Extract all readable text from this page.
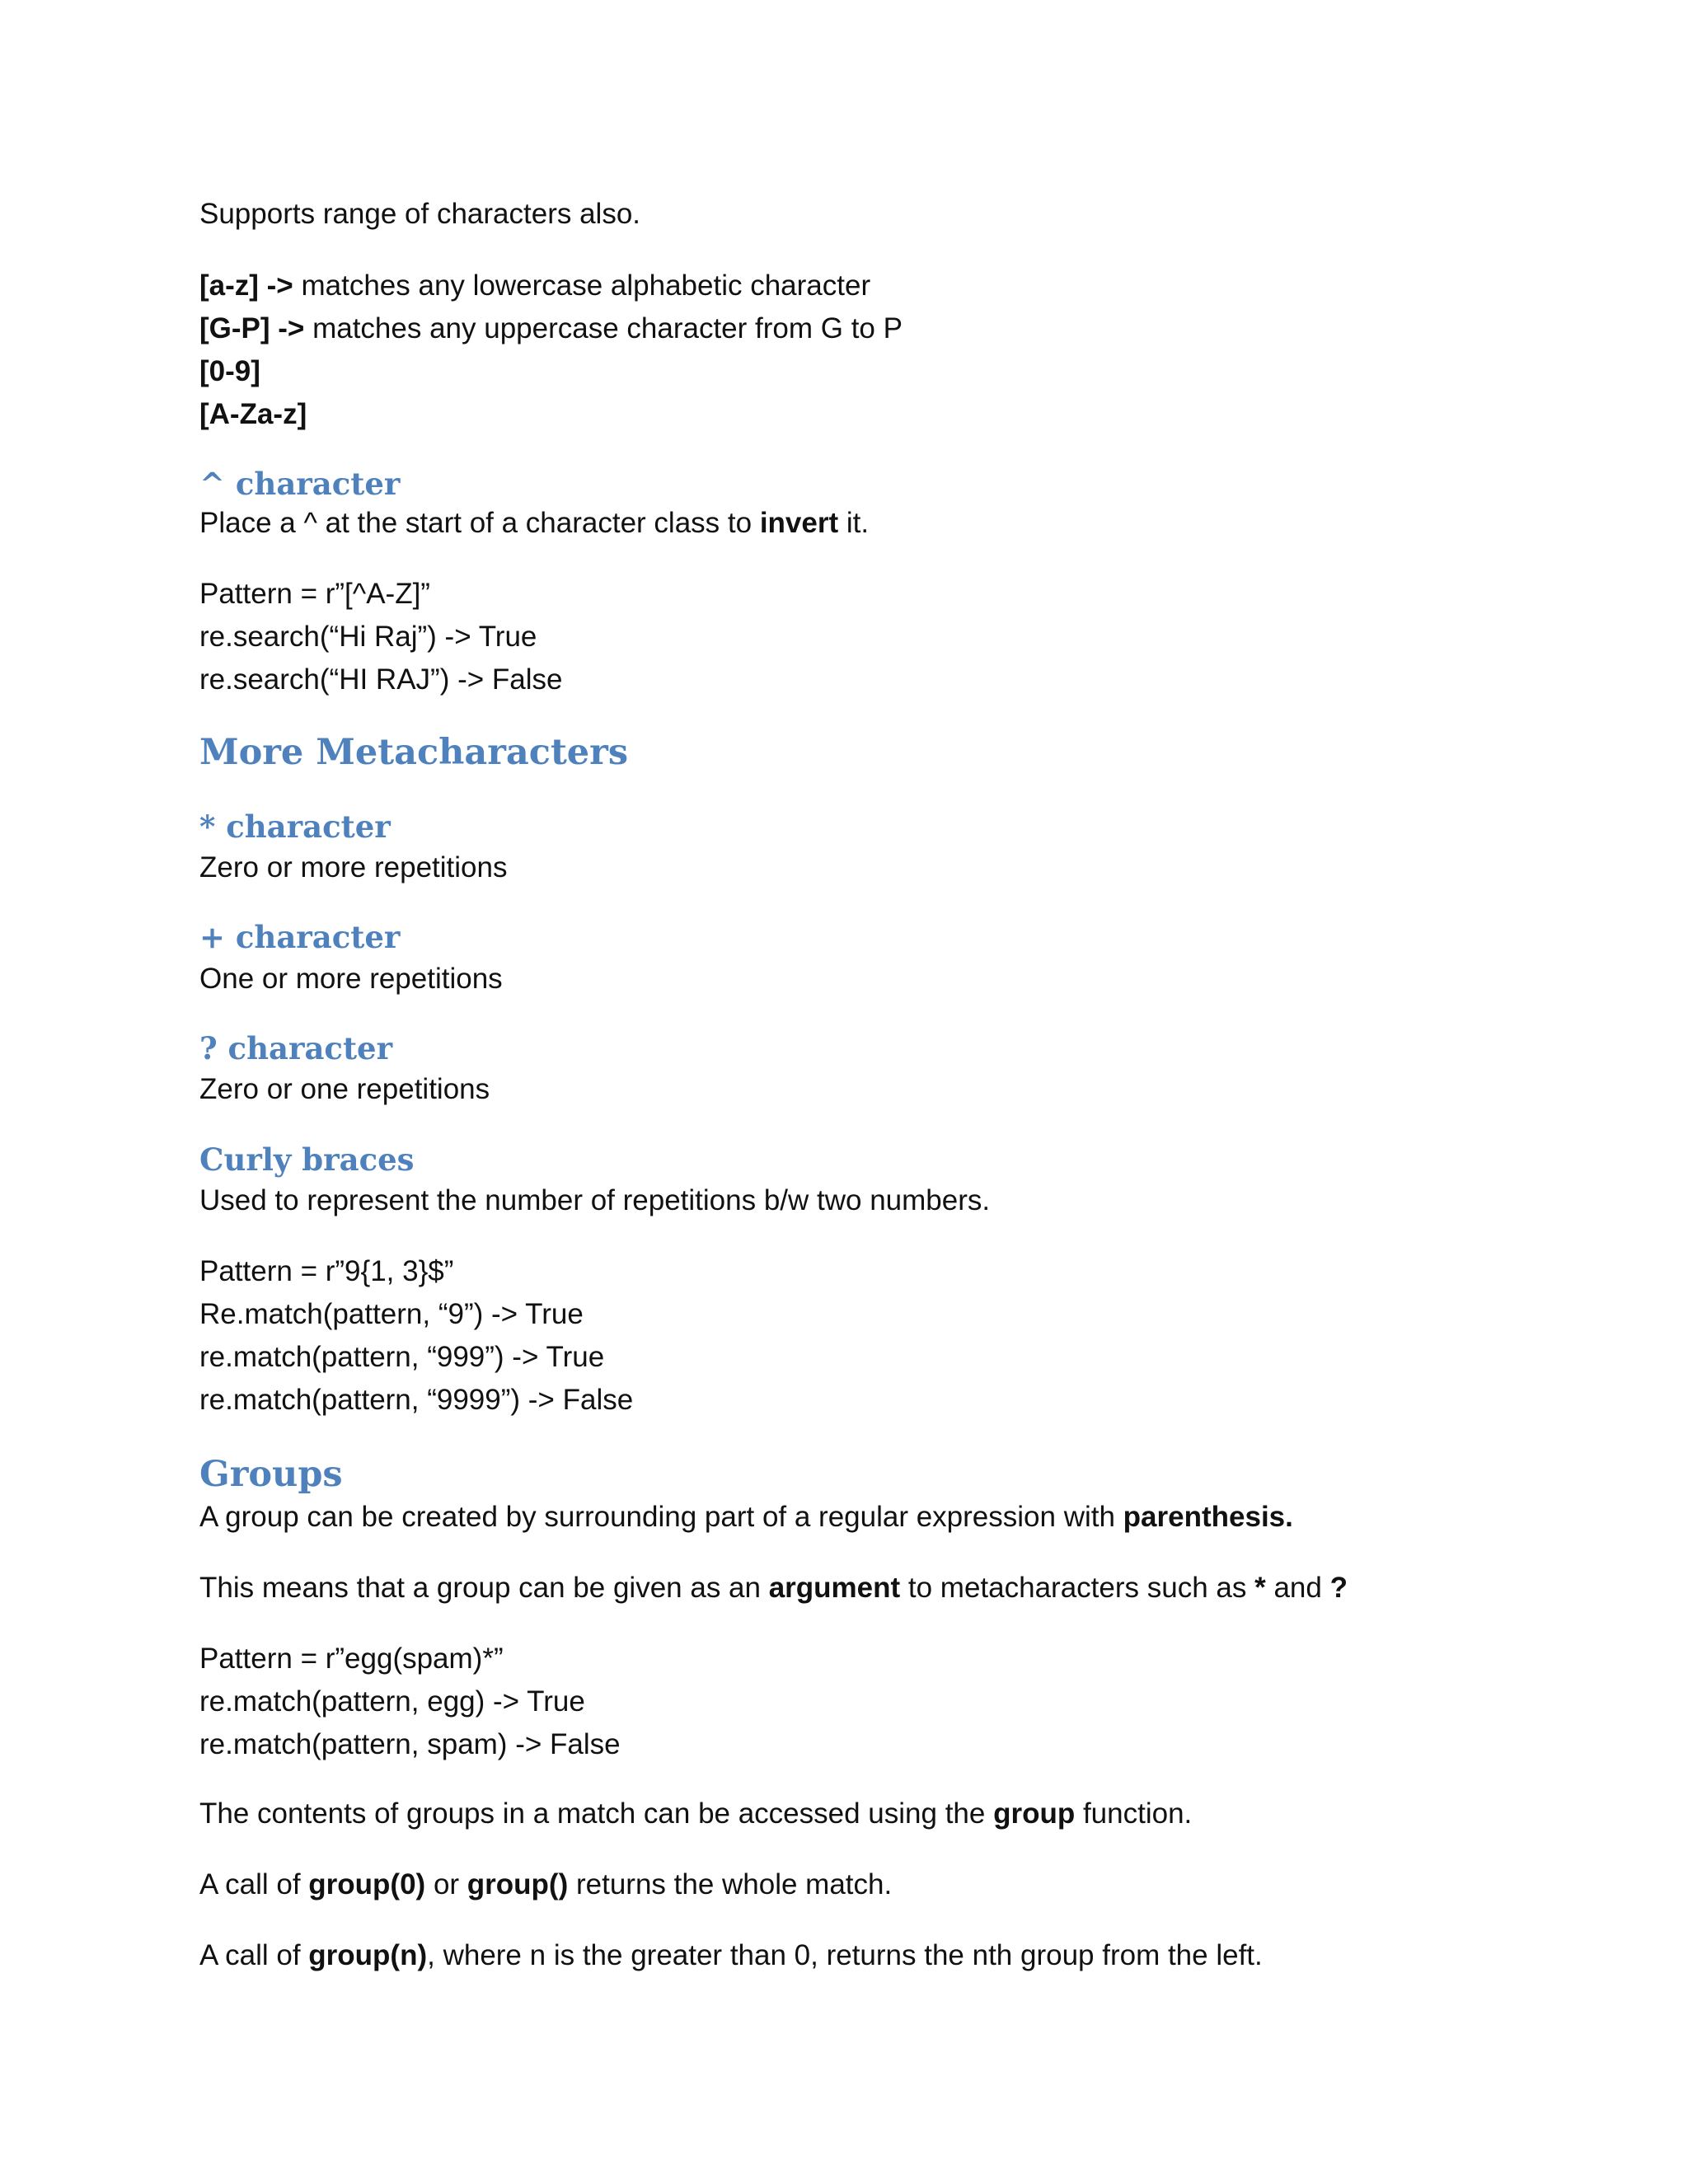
Supports range of characters also.
[a-z] -> matches any lowercase alphabetic character
[G-P] -> matches any uppercase character from G to P
[0-9]
[A-Za-z]
^ character
Place a ^ at the start of a character class to invert it.
Pattern = r”[^A-Z]”
re.search(“Hi Raj”) -> True
re.search(“HI RAJ”) -> False
More Metacharacters
* character
Zero or more repetitions
+ character
One or more repetitions
? character
Zero or one repetitions
Curly braces
Used to represent the number of repetitions b/w two numbers.
Pattern = r”9{1, 3}$”
Re.match(pattern, “9”) -> True
re.match(pattern, “999”) -> True
re.match(pattern, “9999”) -> False
Groups
A group can be created by surrounding part of a regular expression with parenthesis.
This means that a group can be given as an argument to metacharacters such as * and ?
Pattern = r”egg(spam)*”
re.match(pattern, egg) -> True
re.match(pattern, spam) -> False
The contents of groups in a match can be accessed using the group function.
A call of group(0) or group() returns the whole match.
A call of group(n), where n is the greater than 0, returns the nth group from the left.
